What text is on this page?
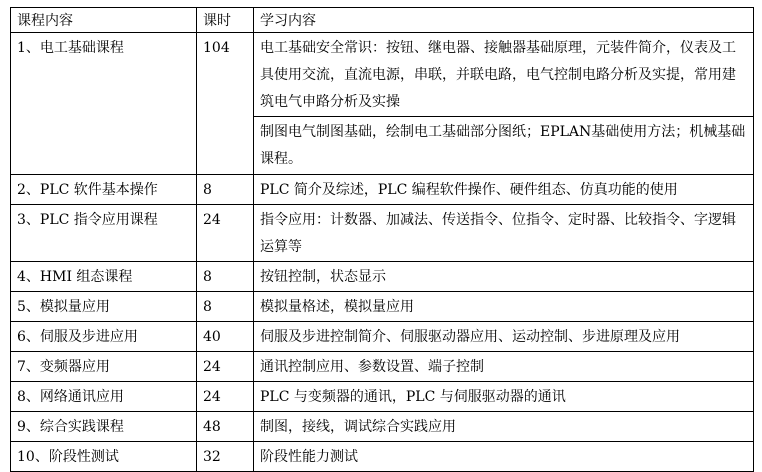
课程内容	课时	学习内容
1、电工基础课程	104	电工基础安全常识：按钮、继电器、接触器基础原理，元装件简介，仪表及工具使用交流，直流电源，串联，并联电路，电气控制电路分析及实提，常用建筑电气申路分析及实操
		制图电气制图基础，绘制电工基础部分图纸；EPLAN基础使用方法；机械基础课程。
2、PLC 软件基本操作	8	PLC 简介及综述，PLC 编程软件操作、硬件组态、仿真功能的使用
3、PLC 指令应用课程	24	指令应用：计数器、加减法、传送指令、位指令、定时器、比较指令、字逻辑运算等
4、HMI 组态课程	8	按钮控制，状态显示
5、模拟量应用	8	模拟量格述，模拟量应用
6、伺服及步进应用	40	伺服及步进控制简介、伺服驱动器应用、运动控制、步进原理及应用
7、变频器应用	24	通讯控制应用、参数设置、端子控制
8、网络通讯应用	24	PLC 与变频器的通讯，PLC 与伺服驱动器的通讯
9、综合实践课程	48	制图，接线，调试综合实践应用
10、阶段性测试	32	阶段性能力测试
